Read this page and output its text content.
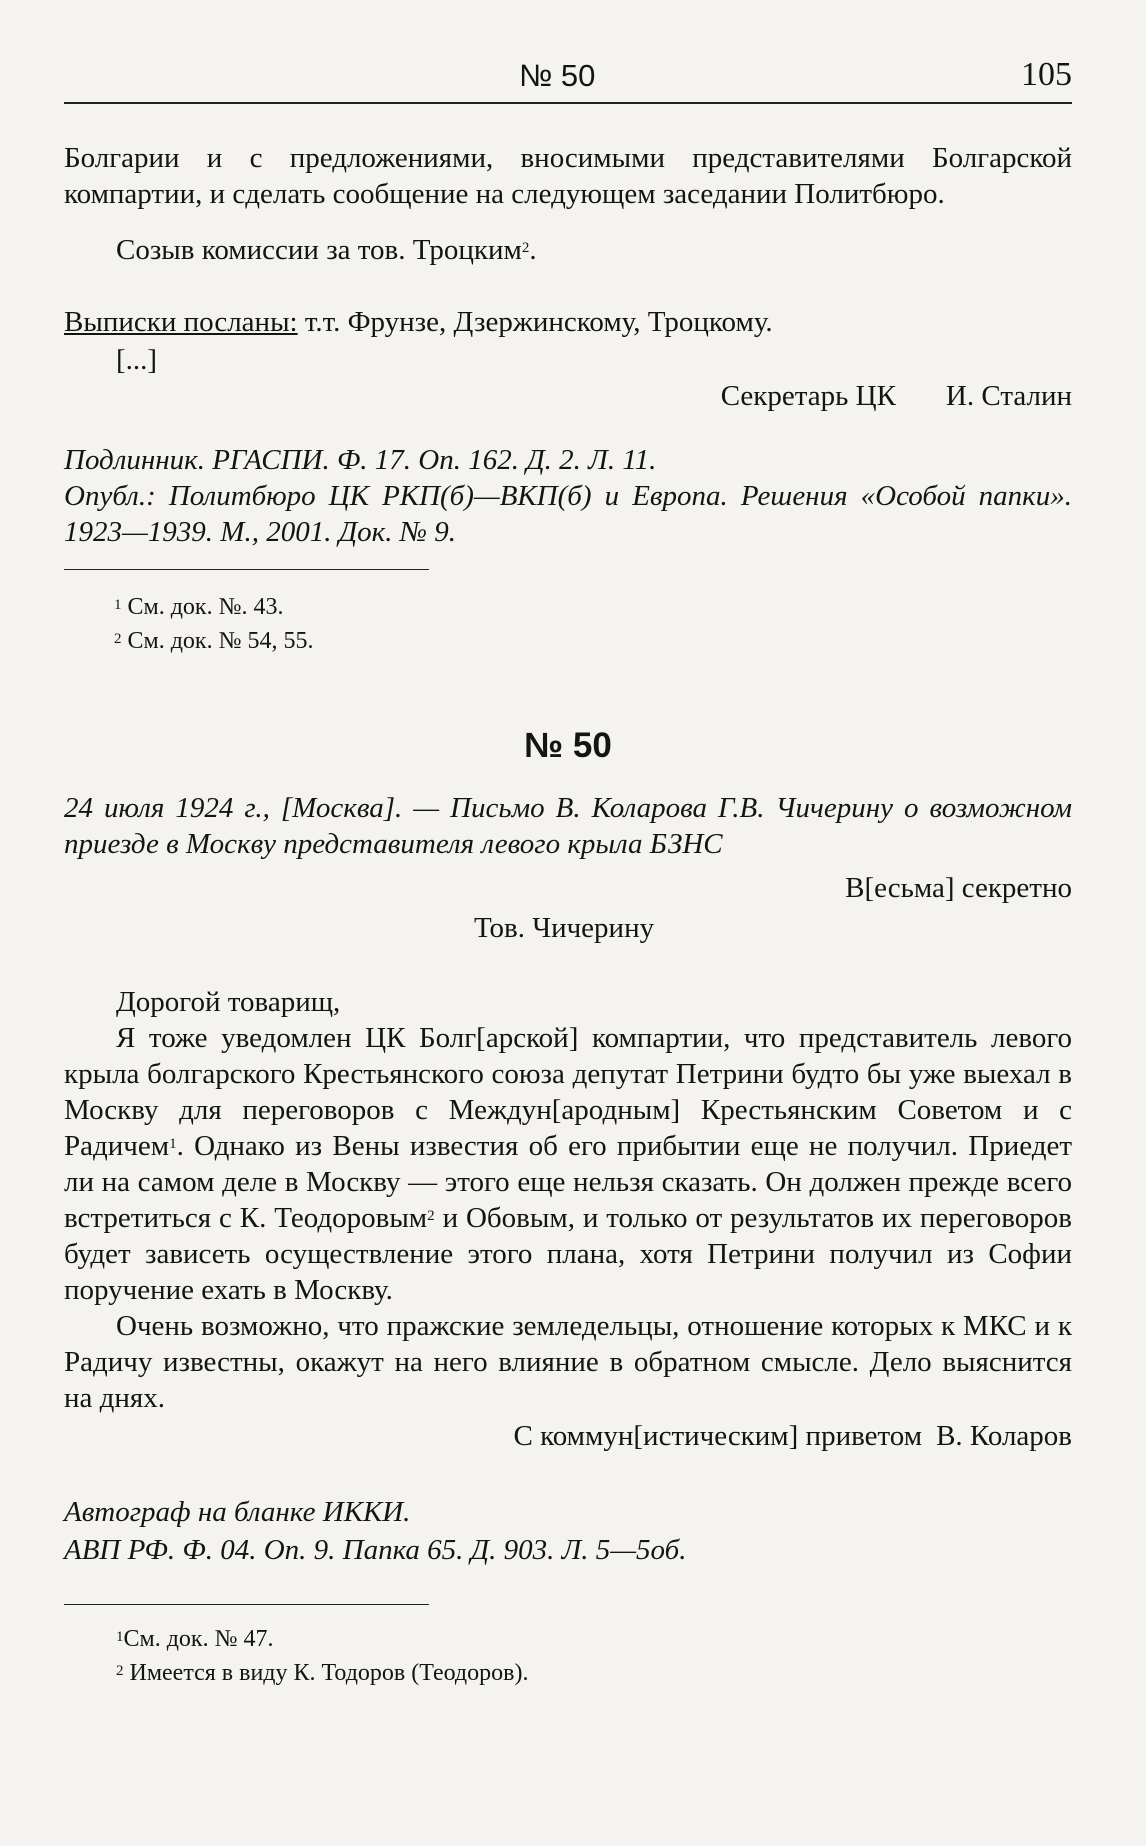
№ 50	105

Болгарии и с предложениями, вносимыми представителями Болгарской компартии, и сделать сообщение на следующем заседании Политбюро.

Созыв комиссии за тов. Троцким$^2$.

Выписки посланы: т.т. Фрунзе, Дзержинскому, Троцкому.

[...]

Секретарь ЦК И. Сталин

Подлинник. РГАСПИ. Ф. 17. Оп. 162. Д. 2. Л. 11.

Опубл.: Политбюро ЦК РКП(б)—ВКП(б) и Европа. Решения «Особой папки». 1923—1939. М., 2001. Док. № 9.

$^1$ См. док. №. 43.

$^2$ См. док. № 54, 55.

№ 50

24 июля 1924 г., [Москва]. — Письмо В. Коларова Г.В. Чичерину о возможном приезде в Москву представителя левого крыла БЗНС

В[есьма] секретно

Тов. Чичерину

Дорогой товарищ,

Я тоже уведомлен ЦК Болг[арской] компартии, что представитель левого крыла болгарского Крестьянского союза депутат Петрини будто бы уже выехал в Москву для переговоров с Междун[ародным] Крестьянским Советом и с Радичем$^1$. Однако из Вены известия об его прибытии еще не получил. Приедет ли на самом деле в Москву — этого еще нельзя сказать. Он должен прежде всего встретиться с К. Теодоровым$^2$ и Обовым, и только от результатов их переговоров будет зависеть осуществление этого плана, хотя Петрини получил из Софии поручение ехать в Москву.

Очень возможно, что пражские земледельцы, отношение которых к МКС и к Радичу известны, окажут на него влияние в обратном смысле. Дело выяснится на днях.

С коммун[истическим] приветом В. Коларов

Автограф на бланке ИККИ.

АВП РФ. Ф. 04. Оп. 9. Папка 65. Д. 903. Л. 5—5об.

$^1$См. док. № 47.

$^2$ Имеется в виду К. Тодоров (Теодоров).
